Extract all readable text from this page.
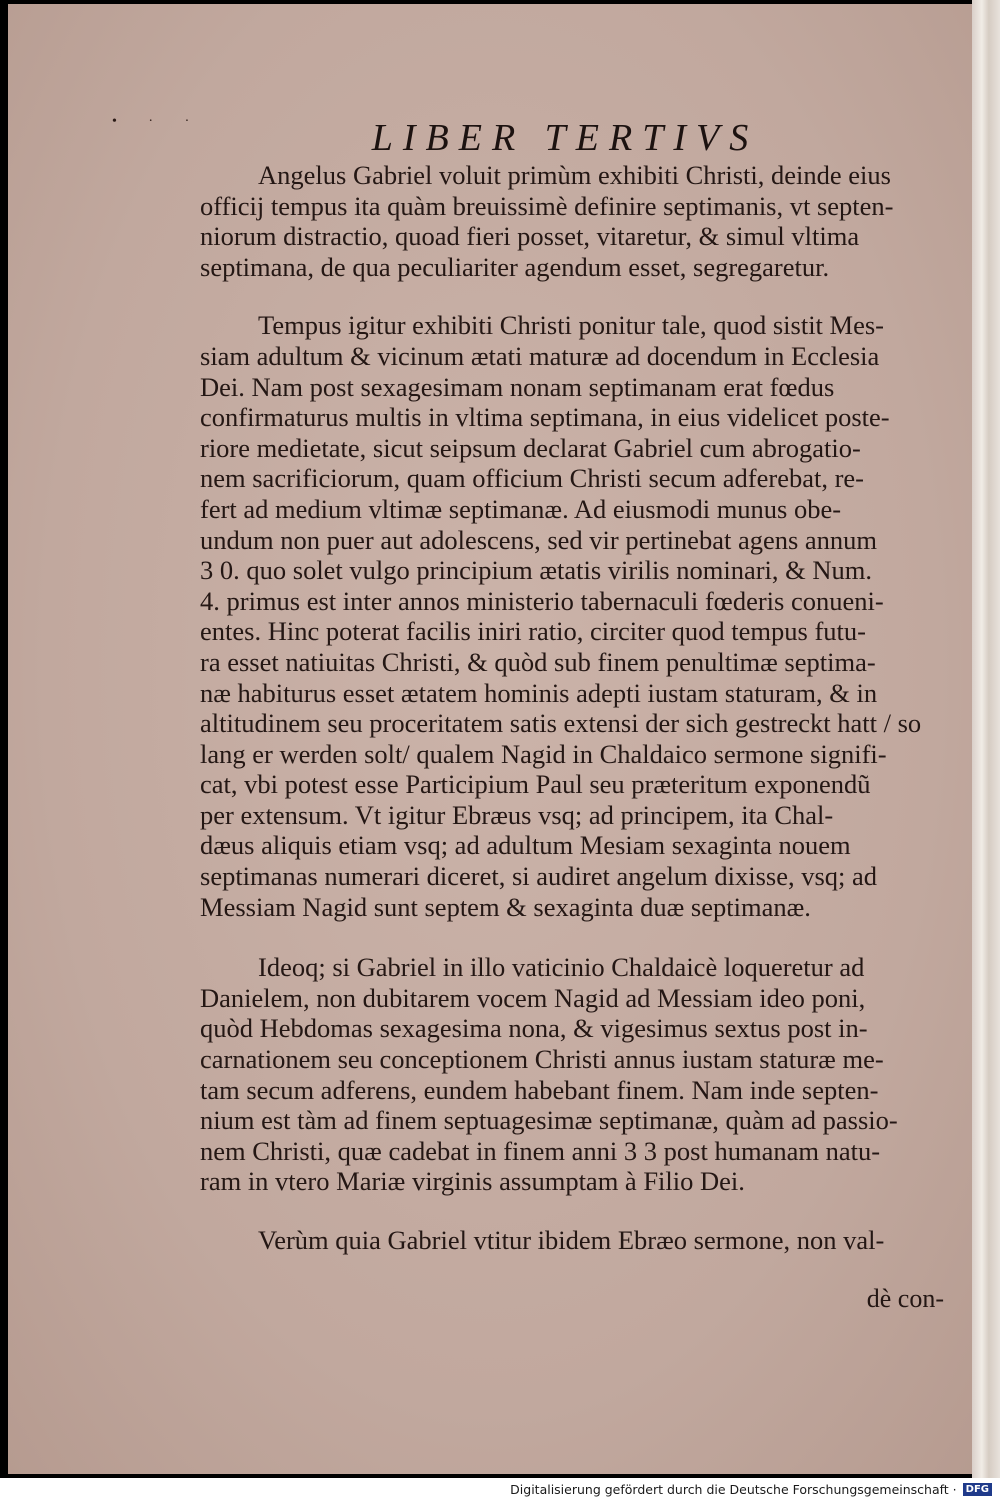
• · ·	LIBER TERTIVS
Angelus Gabriel voluit primùm exhibiti Christi, deinde eius
officij tempus ita quàm breuissimè definire septimanis, vt septen-
niorum distractio, quoad fieri posset, vitaretur, & simul vltima
septimana, de qua peculiariter agendum esset, segregaretur.
Tempus igitur exhibiti Christi ponitur tale, quod sistit Mes-
siam adultum & vicinum ætati maturæ ad docendum in Ecclesia
Dei. Nam post sexagesimam nonam septimanam erat fœdus
confirmaturus multis in vltima septimana, in eius videlicet poste-
riore medietate, sicut seipsum declarat Gabriel cum abrogatio-
nem sacrificiorum, quam officium Christi secum adferebat, re-
fert ad medium vltimæ septimanæ. Ad eiusmodi munus obe-
undum non puer aut adolescens, sed vir pertinebat agens annum
3 0. quo solet vulgo principium ætatis virilis nominari, & Num.
4. primus est inter annos ministerio tabernaculi fœderis conueni-
entes. Hinc poterat facilis iniri ratio, circiter quod tempus futu-
ra esset natiuitas Christi, & quòd sub finem penultimæ septima-
næ habiturus esset ætatem hominis adepti iustam staturam, & in
altitudinem seu proceritatem satis extensi der sich gestreckt hatt / so
lang er werden solt/ qualem Nagid in Chaldaico sermone signifi-
cat, vbi potest esse Participium Paul seu præteritum exponendũ
per extensum. Vt igitur Ebræus vsq; ad principem, ita Chal-
dæus aliquis etiam vsq; ad adultum Mesiam sexaginta nouem
septimanas numerari diceret, si audiret angelum dixisse, vsq; ad
Messiam Nagid sunt septem & sexaginta duæ septimanæ.
Ideoq; si Gabriel in illo vaticinio Chaldaicè loqueretur ad
Danielem, non dubitarem vocem Nagid ad Messiam ideo poni,
quòd Hebdomas sexagesima nona, & vigesimus sextus post in-
carnationem seu conceptionem Christi annus iustam staturæ me-
tam secum adferens, eundem habebant finem. Nam inde septen-
nium est tàm ad finem septuagesimæ septimanæ, quàm ad passio-
nem Christi, quæ cadebat in finem anni 3 3 post humanam natu-
ram in vtero Mariæ virginis assumptam à Filio Dei.
Verùm quia Gabriel vtitur ibidem Ebræo sermone, non val-
dè con-
Digitalisierung gefördert durch die Deutsche Forschungsgemeinschaft · DFG
